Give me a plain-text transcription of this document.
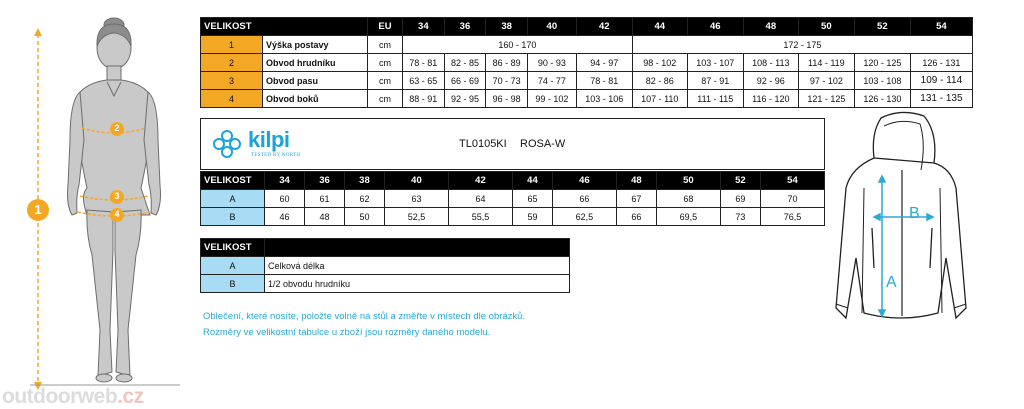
1
2
3
4
VELIKOST		EU	34	36	38	40	42	44	46	48	50	52	54
1	Výška postavy	cm	160 - 170					172 - 175					
2	Obvod hrudníku	cm	78 - 81	82 - 85	86 - 89	90 - 93	94 - 97	98 - 102	103 - 107	108 - 113	114 - 119	120 - 125	126 - 131
3	Obvod pasu	cm	63 - 65	66 - 69	70 - 73	74 - 77	78 - 81	82 - 86	87 - 91	92 - 96	97 - 102	103 - 108	109 - 114
4	Obvod boků	cm	88 - 91	92 - 95	96 - 98	99 - 102	103 - 106	107 - 110	111 - 115	116 - 120	121 - 125	126 - 130	131 - 135
kilpi
TESTED BY NORTH
TL0105KI ROSA-W
VELIKOST	34	36	38	40	42	44	46	48	50	52	54
A	60	61	62	63	64	65	66	67	68	69	70
B	46	48	50	52,5	55,5	59	62,5	66	69,5	73	76,5
VELIKOST	
A	Celková délka
B	1/2 obvodu hrudníku
Oblečení, které nosíte, položte volně na stůl a změřte v místech dle obrázků.
Rozměry ve velikostní tabulce u zboží jsou rozměry daného modelu.
B
A
outdoorweb.cz
